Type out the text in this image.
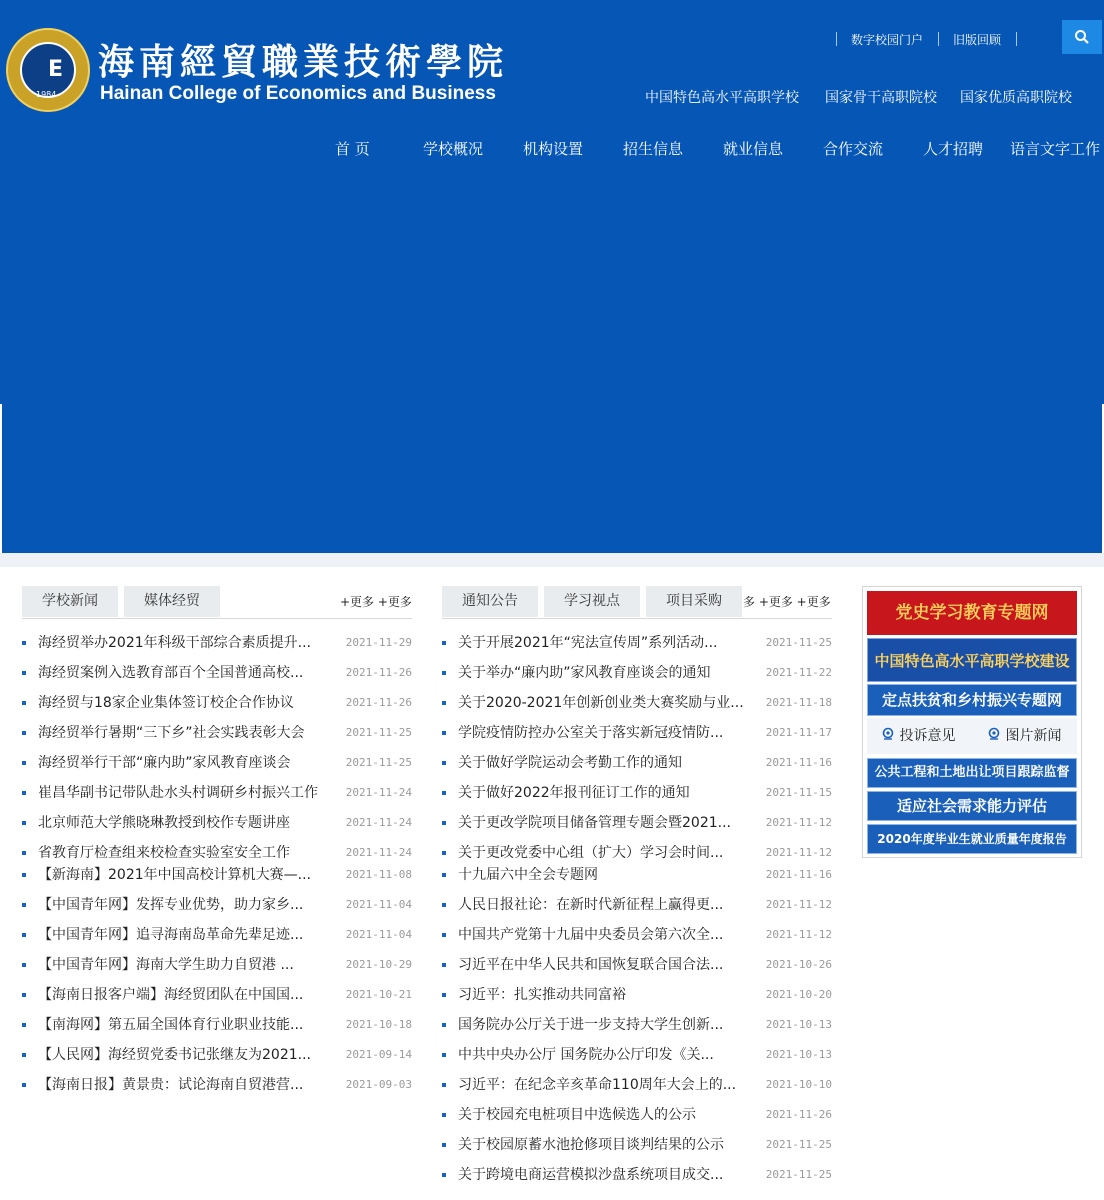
E
1984
海南經貿職業技術學院
Hainan College of Economics and Business
数字校园门户 旧版回顾
中国特色高水平高职学校 国家骨干高职院校 国家优质高职院校
首 页	学校概况	机构设置	招生信息	就业信息	合作交流	人才招聘 语言文字工作
学校新闻	媒体经贸	+更多 +更多
海经贸举办2021年科级干部综合素质提升...	2021-11-29
海经贸案例入选教育部百个全国普通高校...	2021-11-26
海经贸与18家企业集体签订校企合作协议	2021-11-26
海经贸举行暑期“三下乡”社会实践表彰大会	2021-11-25
海经贸举行干部“廉内助”家风教育座谈会	2021-11-25
崔昌华副书记带队赴水头村调研乡村振兴工作	2021-11-24
北京师范大学熊晓琳教授到校作专题讲座	2021-11-24
省教育厅检查组来校检查实验室安全工作	2021-11-24
【新海南】2021年中国高校计算机大赛—...	2021-11-08
【中国青年网】发挥专业优势，助力家乡...	2021-11-04
【中国青年网】追寻海南岛革命先辈足迹...	2021-11-04
【中国青年网】海南大学生助力自贸港 ...	2021-10-29
【海南日报客户端】海经贸团队在中国国...	2021-10-21
【南海网】第五届全国体育行业职业技能...	2021-10-18
【人民网】海经贸党委书记张继友为2021...	2021-09-14
【海南日报】黄景贵：试论海南自贸港营...	2021-09-03
通知公告	学习视点	项目采购	多 +更多 +更多
关于开展2021年“宪法宣传周”系列活动...	2021-11-25
关于举办“廉内助”家风教育座谈会的通知	2021-11-22
关于2020-2021年创新创业类大赛奖励与业...	2021-11-18
学院疫情防控办公室关于落实新冠疫情防...	2021-11-17
关于做好学院运动会考勤工作的通知	2021-11-16
关于做好2022年报刊征订工作的通知	2021-11-15
关于更改学院项目储备管理专题会暨2021...	2021-11-12
关于更改党委中心组（扩大）学习会时间...	2021-11-12
十九届六中全会专题网	2021-11-16
人民日报社论：在新时代新征程上赢得更...	2021-11-12
中国共产党第十九届中央委员会第六次全...	2021-11-12
习近平在中华人民共和国恢复联合国合法...	2021-10-26
习近平：扎实推动共同富裕	2021-10-20
国务院办公厅关于进一步支持大学生创新...	2021-10-13
中共中央办公厅 国务院办公厅印发《关...	2021-10-13
习近平：在纪念辛亥革命110周年大会上的...	2021-10-10
关于校园充电桩项目中选候选人的公示	2021-11-26
关于校园原蓄水池抢修项目谈判结果的公示	2021-11-25
关于跨境电商运营模拟沙盘系统项目成交...	2021-11-25
党史学习教育专题网
中国特色高水平高职学校建设
定点扶贫和乡村振兴专题网
投诉意见	图片新闻
公共工程和土地出让项目跟踪监督
适应社会需求能力评估
2020年度毕业生就业质量年度报告
